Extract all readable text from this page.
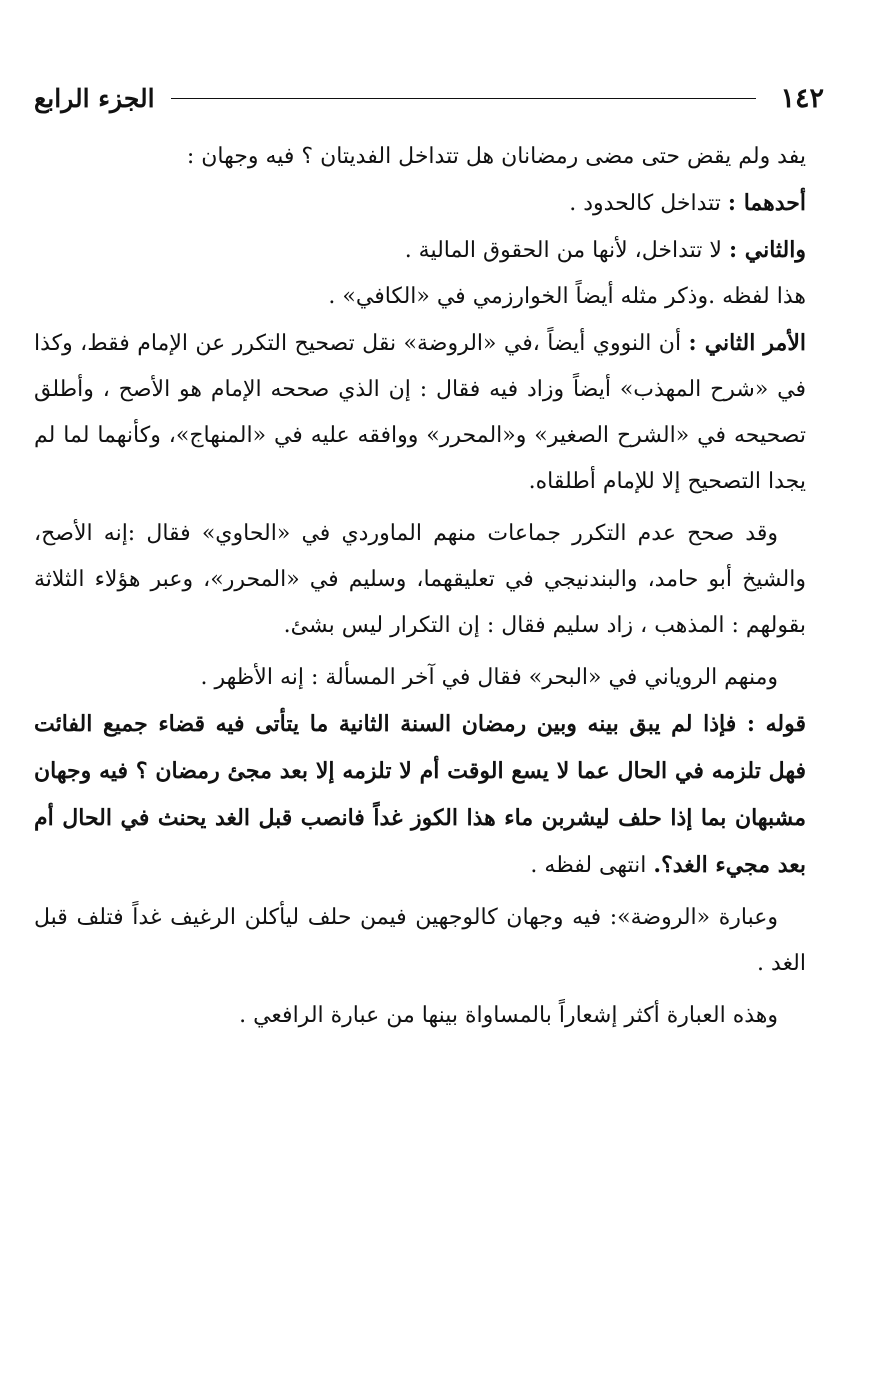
١٤٢
الجزء الرابع

يفد ولم يقض حتى مضى رمضانان هل تتداخل الفديتان ؟ فيه وجهان :

أحدهما : تتداخل كالحدود .

والثاني : لا تتداخل، لأنها من الحقوق المالية .

هذا لفظه .وذكر مثله أيضاً الخوارزمي في «الكافي» .

الأمر الثاني : أن النووي أيضاً ،في «الروضة» نقل تصحيح التكرر عن الإمام فقط، وكذا في «شرح المهذب» أيضاً وزاد فيه فقال : إن الذي صححه الإمام هو الأصح ، وأطلق تصحيحه في «الشرح الصغير» و«المحرر» ووافقه عليه في «المنهاج»، وكأنهما لما لم يجدا التصحيح إلا للإمام أطلقاه.

وقد صحح عدم التكرر جماعات منهم الماوردي في «الحاوي» فقال :إنه الأصح، والشيخ أبو حامد، والبندنيجي في تعليقهما، وسليم في «المحرر»، وعبر هؤلاء الثلاثة بقولهم : المذهب ، زاد سليم فقال : إن التكرار ليس بشئ.

ومنهم الروياني في «البحر» فقال في آخر المسألة : إنه الأظهر .

قوله : فإذا لم يبق بينه وبين رمضان السنة الثانية ما يتأتى فيه قضاء جميع الفائت فهل تلزمه في الحال عما لا يسع الوقت أم لا تلزمه إلا بعد مجئ رمضان ؟ فيه وجهان مشبهان بما إذا حلف ليشربن ماء هذا الكوز غداً فانصب قبل الغد يحنث في الحال أم بعد مجيء الغد؟. انتهى لفظه .

وعبارة «الروضة»: فيه وجهان كالوجهين فيمن حلف ليأكلن الرغيف غداً فتلف قبل الغد .

وهذه العبارة أكثر إشعاراً بالمساواة بينها من عبارة الرافعي .
